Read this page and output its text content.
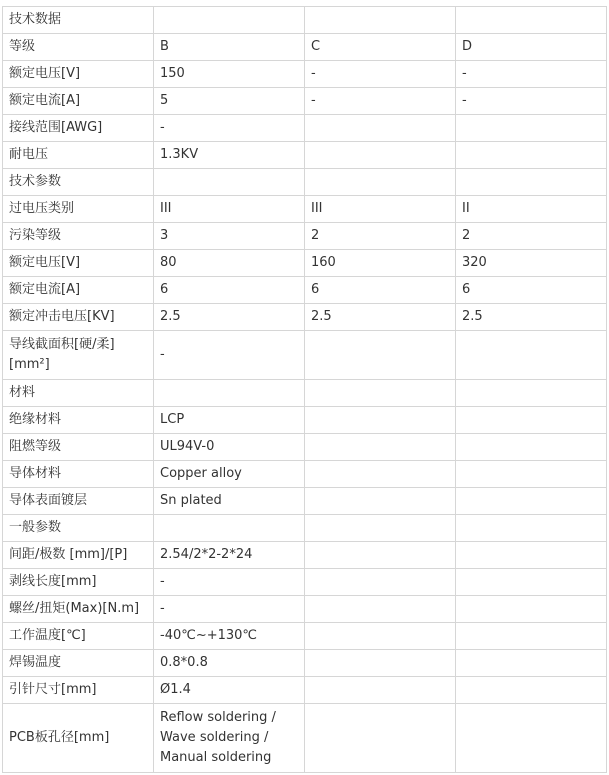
技术数据			
等级	B	C	D
额定电压[V]	150	-	-
额定电流[A]	5	-	-
接线范围[AWG]	-		
耐电压	1.3KV		
技术参数			
过电压类别	III	III	II
污染等级	3	2	2
额定电压[V]	80	160	320
额定电流[A]	6	6	6
额定冲击电压[KV]	2.5	2.5	2.5
导线截面积[硬/柔][mm²]	-		
材料			
绝缘材料	LCP		
阻燃等级	UL94V-0		
导体材料	Copper alloy		
导体表面镀层	Sn plated		
一般参数			
间距/极数 [mm]/[P]	2.54/2*2-2*24		
剥线长度[mm]	-		
螺丝/扭矩(Max)[N.m]	-		
工作温度[℃]	-40℃~+130℃		
焊锡温度	0.8*0.8		
引针尺寸[mm]	Ø1.4		
PCB板孔径[mm]	Reflow soldering / Wave soldering / Manual soldering		
